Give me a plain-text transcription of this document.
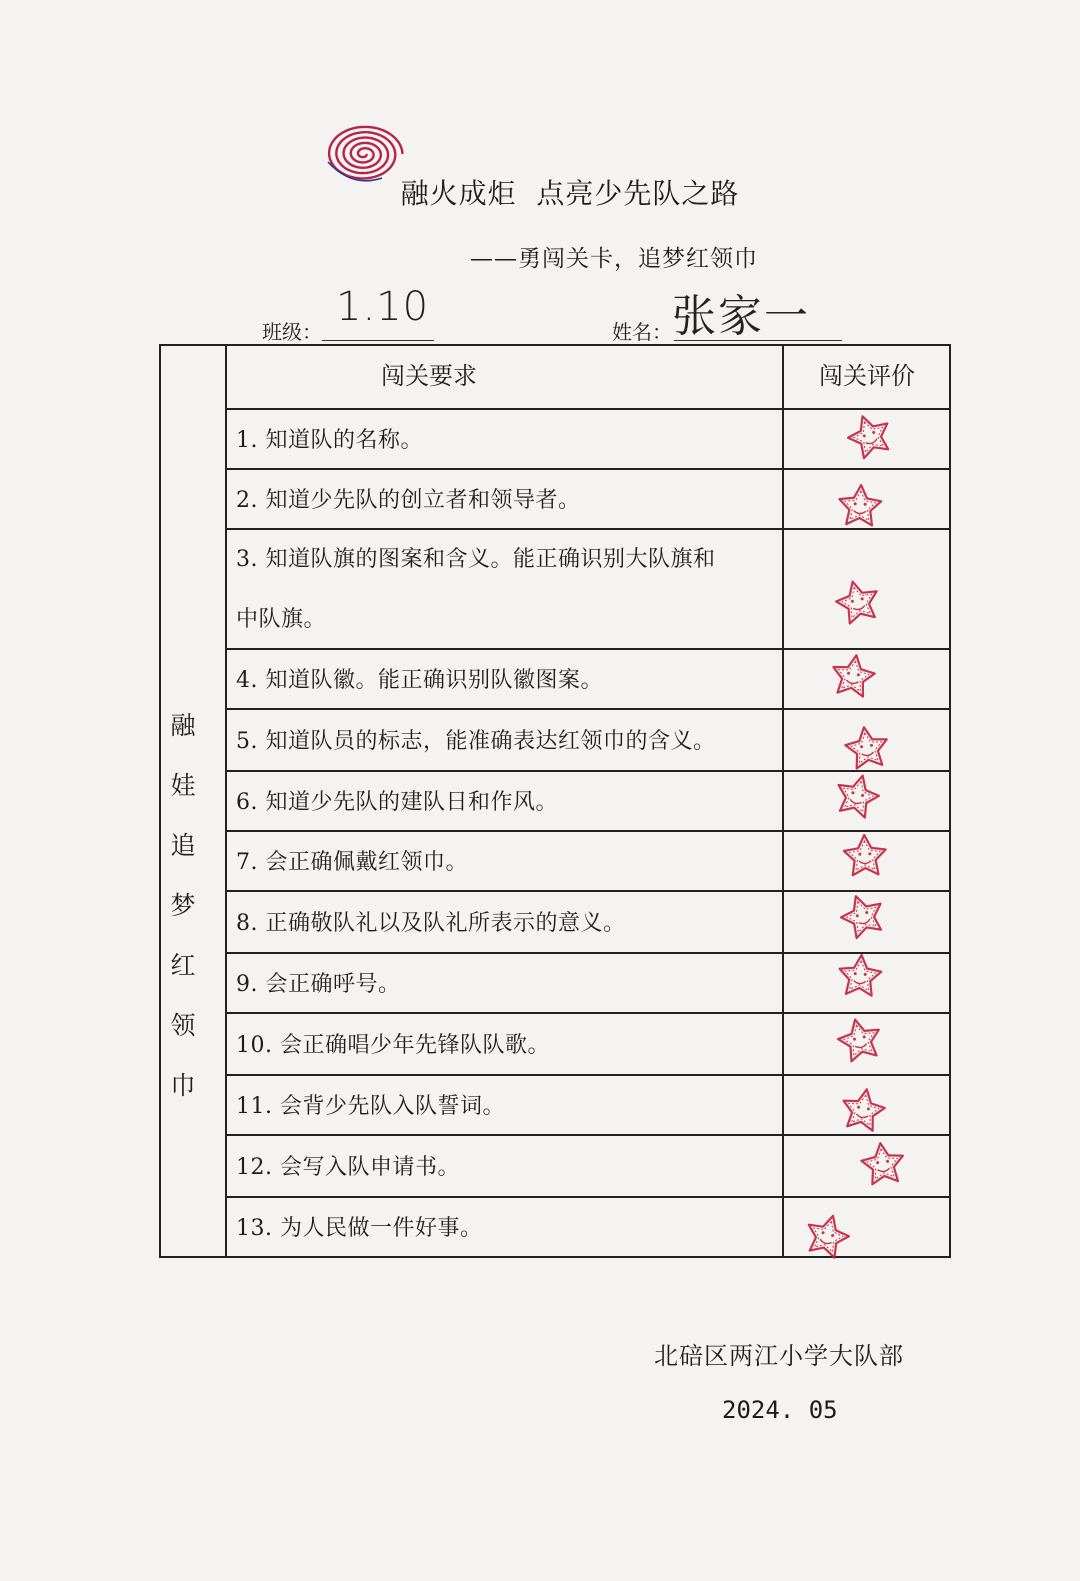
融火成炬  点亮少先队之路
——勇闯关卡，追梦红领巾
班级：
1.10
姓名： 张家一
融娃追梦红领巾
闯关要求	闯关评价
1. 知道队的名称。
2. 知道少先队的创立者和领导者。
3. 知道队旗的图案和含义。能正确识别大队旗和
中队旗。
4. 知道队徽。能正确识别队徽图案。
5. 知道队员的标志，能准确表达红领巾的含义。
6. 知道少先队的建队日和作风。
7. 会正确佩戴红领巾。
8. 正确敬队礼以及队礼所表示的意义。
9. 会正确呼号。
10. 会正确唱少年先锋队队歌。
11. 会背少先队入队誓词。
12. 会写入队申请书。
13. 为人民做一件好事。
北碚区两江小学大队部
2024. 05
